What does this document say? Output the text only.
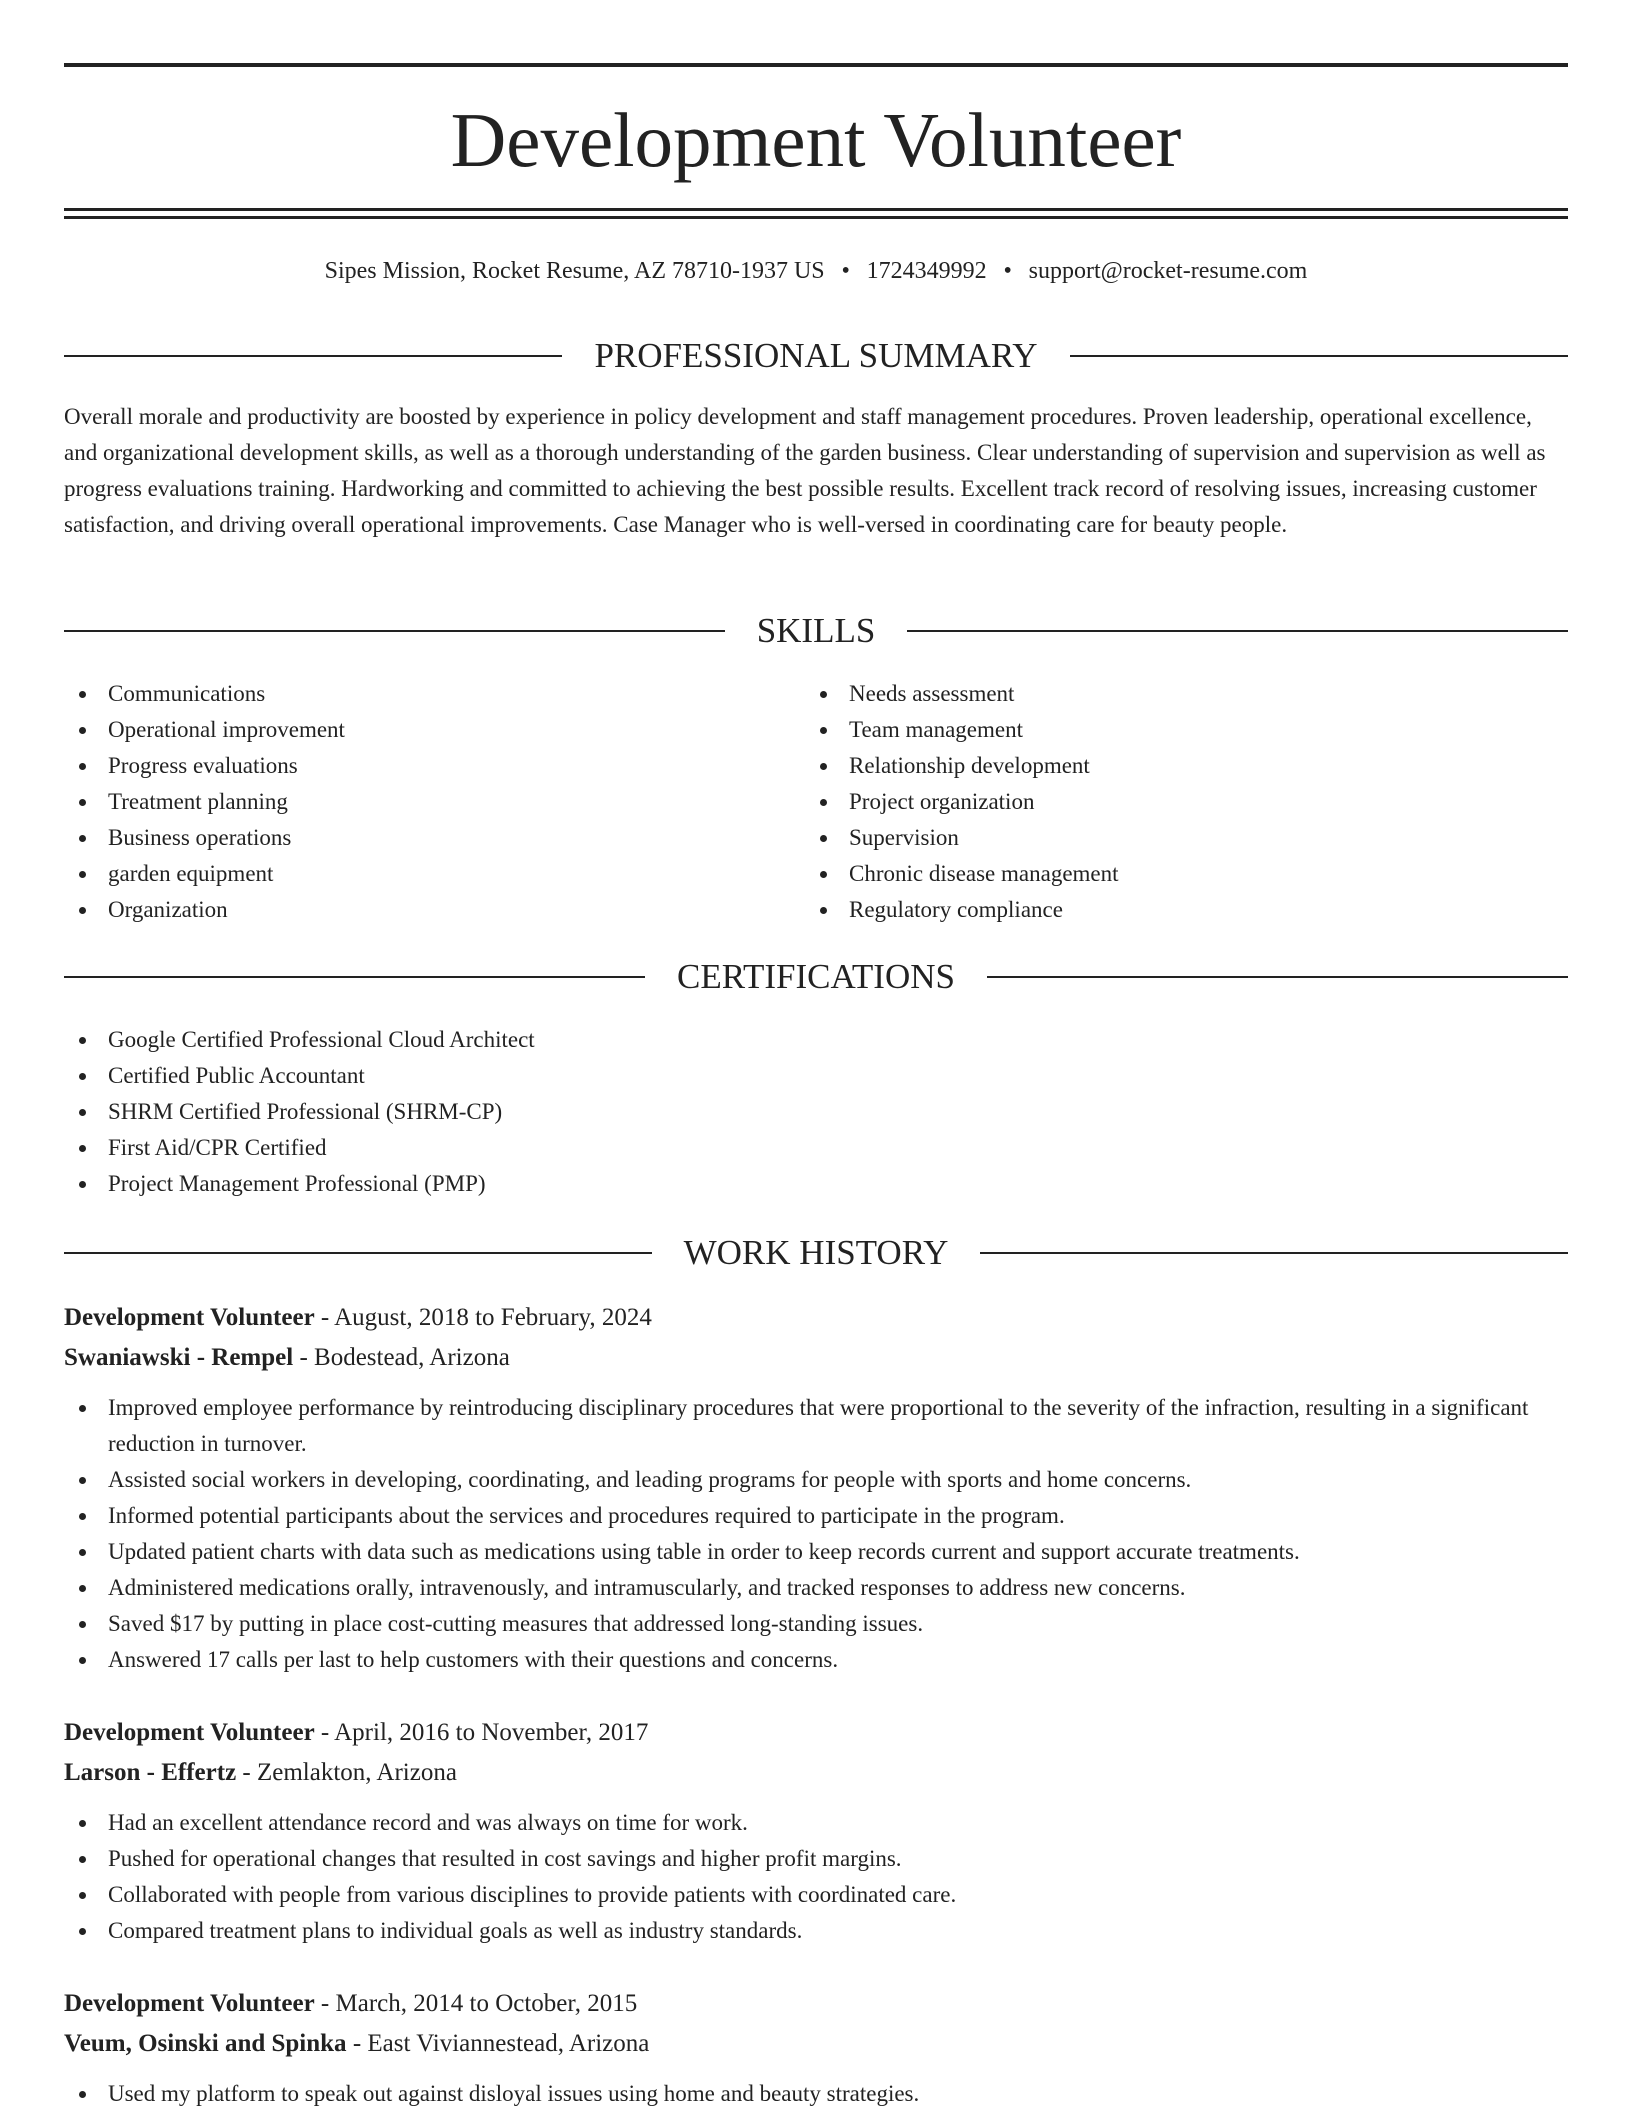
Development Volunteer
Sipes Mission, Rocket Resume, AZ 78710-1937 US • 1724349992 • support@rocket-resume.com
PROFESSIONAL SUMMARY

Overall morale and productivity are boosted by experience in policy development and staff management procedures. Proven leadership, operational excellence, and organizational development skills, as well as a thorough understanding of the garden business. Clear understanding of supervision and supervision as well as progress evaluations training. Hardworking and committed to achieving the best possible results. Excellent track record of resolving issues, increasing customer satisfaction, and driving overall operational improvements. Case Manager who is well-versed in coordinating care for beauty people.

SKILLS
Communications
Operational improvement
Progress evaluations
Treatment planning
Business operations
garden equipment
Organization
Needs assessment
Team management
Relationship development
Project organization
Supervision
Chronic disease management
Regulatory compliance
CERTIFICATIONS
Google Certified Professional Cloud Architect
Certified Public Accountant
SHRM Certified Professional (SHRM-CP)
First Aid/CPR Certified
Project Management Professional (PMP)
WORK HISTORY
Development Volunteer - August, 2018 to February, 2024
Swaniawski - Rempel - Bodestead, Arizona
Improved employee performance by reintroducing disciplinary procedures that were proportional to the severity of the infraction, resulting in a significant reduction in turnover.
Assisted social workers in developing, coordinating, and leading programs for people with sports and home concerns.
Informed potential participants about the services and procedures required to participate in the program.
Updated patient charts with data such as medications using table in order to keep records current and support accurate treatments.
Administered medications orally, intravenously, and intramuscularly, and tracked responses to address new concerns.
Saved $17 by putting in place cost-cutting measures that addressed long-standing issues.
Answered 17 calls per last to help customers with their questions and concerns.
Development Volunteer - April, 2016 to November, 2017
Larson - Effertz - Zemlakton, Arizona
Had an excellent attendance record and was always on time for work.
Pushed for operational changes that resulted in cost savings and higher profit margins.
Collaborated with people from various disciplines to provide patients with coordinated care.
Compared treatment plans to individual goals as well as industry standards.
Development Volunteer - March, 2014 to October, 2015
Veum, Osinski and Spinka - East Viviannestead, Arizona
Used my platform to speak out against disloyal issues using home and beauty strategies.
